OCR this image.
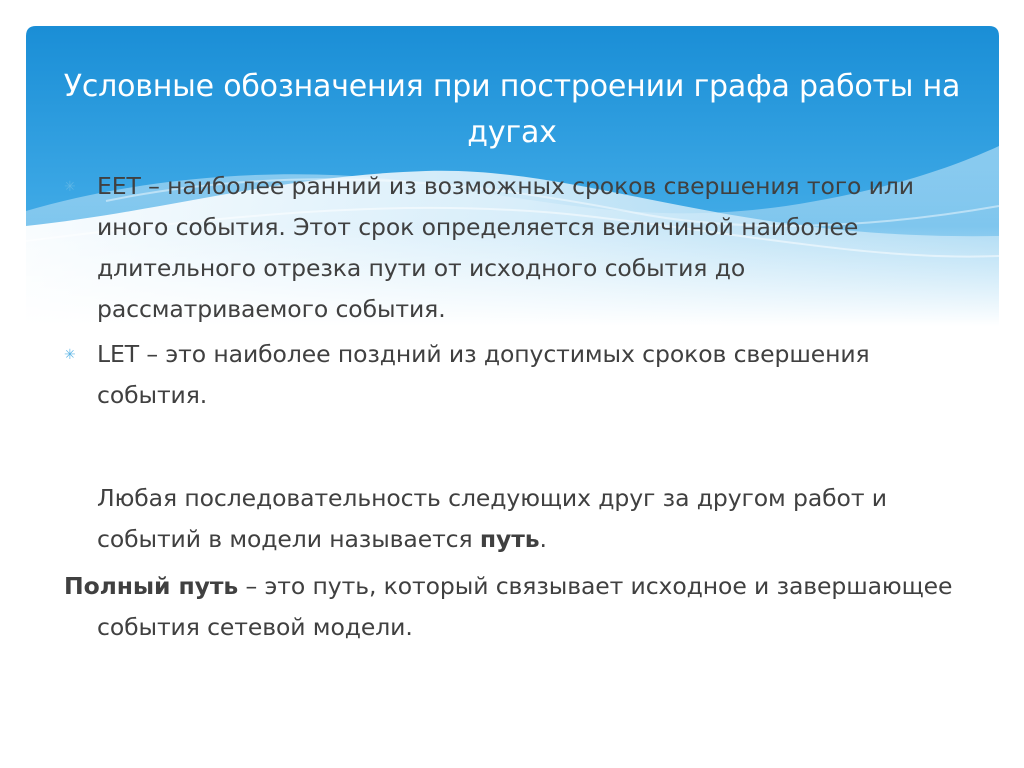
Условные обозначения при построении графа работы на дугах
✳ EET – наиболее ранний из возможных сроков свершения того или иного события. Этот срок определяется величиной наиболее длительного отрезка пути от исходного события до рассматриваемого события.
✳ LET – это наиболее поздний из допустимых сроков свершения события.
Любая последовательность следующих друг за другом работ и событий в модели называется путь.
Полный путь – это путь, который связывает исходное и завершающее события сетевой модели.
